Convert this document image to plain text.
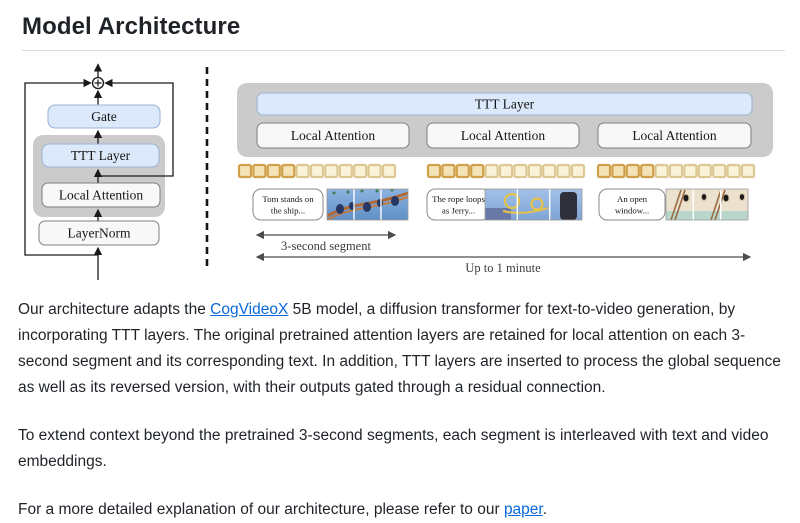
Model Architecture
Gate
TTT Layer
Local Attention
LayerNorm
TTT Layer
Local Attention	Local Attention	Local Attention
Tom stands on
the ship...
The rope loops
as Jerry...
An open
window...
3-second segment
Up to 1 minute

Our architecture adapts the CogVideoX 5B model, a diffusion transformer for text-to-video generation, by incorporating TTT layers. The original pretrained attention layers are retained for local attention on each 3-second segment and its corresponding text. In addition, TTT layers are inserted to process the global sequence as well as its reversed version, with their outputs gated through a residual connection.

To extend context beyond the pretrained 3-second segments, each segment is interleaved with text and video embeddings.

For a more detailed explanation of our architecture, please refer to our paper.
